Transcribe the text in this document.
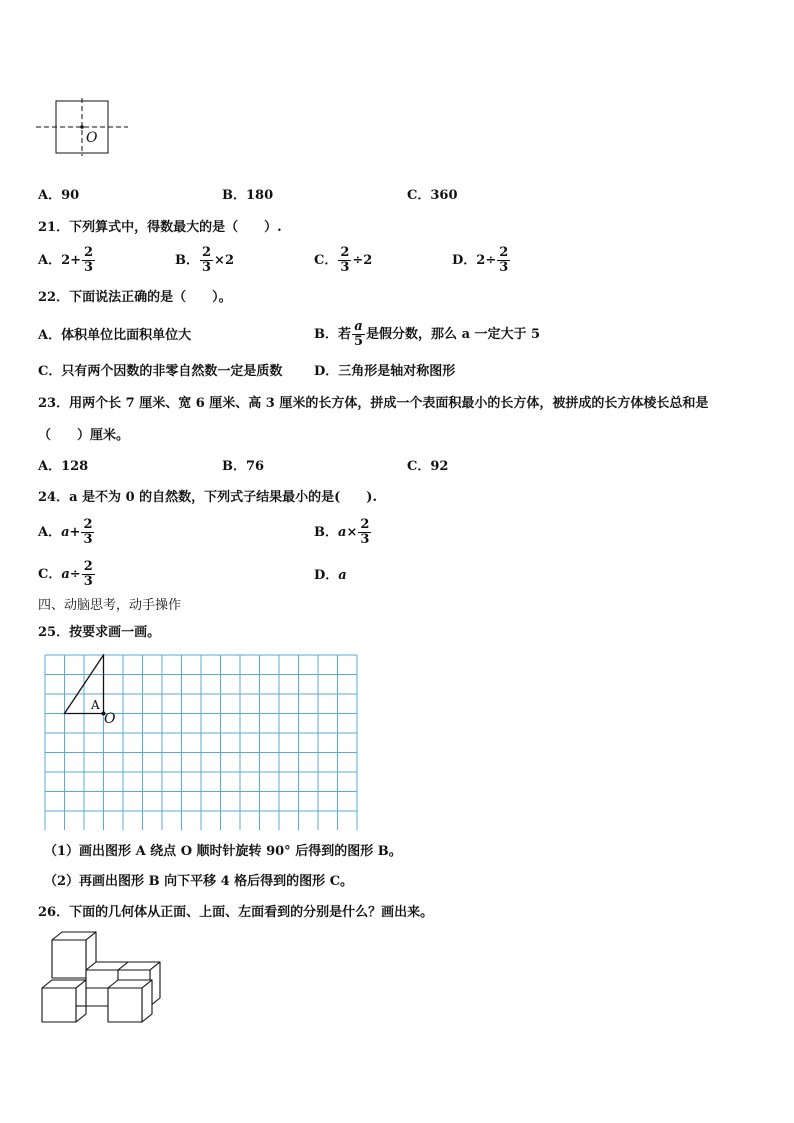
O
A．90	B．180	C．360
21．下列算式中，得数最大的是（　　）.
A．$2+ \frac{2}{3}$	B． $\frac{2}{3} \times 2$	C． $\frac{2}{3} \div 2$	D．$2\div \frac{2}{3}$
22．下面说法正确的是（　　）。
A．体积单位比面积单位大	B．若 $\frac{a}{5}$ 是假分数，那么 a 一定大于 5
C．只有两个因数的非零自然数一定是质数 D．三角形是轴对称图形
23．用两个长 7 厘米、宽 6 厘米、高 3 厘米的长方体，拼成一个表面积最小的长方体，被拼成的长方体棱长总和是
（　　）厘米。
A．128	B．76	C．92
24．a 是不为 0 的自然数，下列式子结果最小的是(　　).
A．$a+ \frac{2}{3}$	B．$a\times \frac{2}{3}$
C．$a\div \frac{2}{3}$	D．a
四、动脑思考，动手操作
25．按要求画一画。
A
O
（1）画出图形 A 绕点 O 顺时针旋转 90° 后得到的图形 B。
（2）再画出图形 B 向下平移 4 格后得到的图形 C。
26．下面的几何体从正面、上面、左面看到的分别是什么？画出来。
